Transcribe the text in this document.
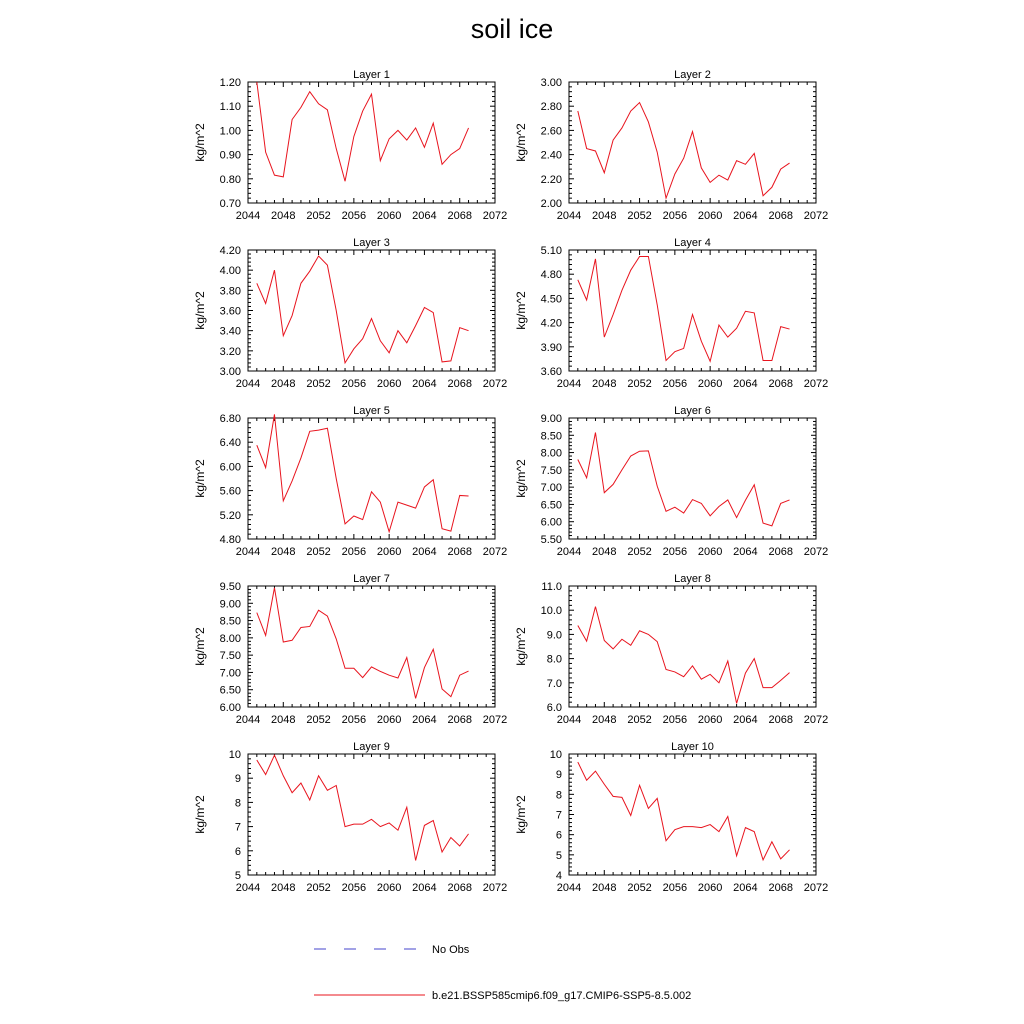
soil ice
Layer 1
2044 2048 2052 2056 2060 2064 2068 2072
0.70
0.80
0.90
1.00
1.10
1.20
kg/m^2
Layer 2
2044 2048 2052 2056 2060 2064 2068 2072
2.00
2.20
2.40
2.60
2.80
3.00
kg/m^2
Layer 3
2044 2048 2052 2056 2060 2064 2068 2072
3.00
3.20
3.40
3.60
3.80
4.00
4.20
kg/m^2
Layer 4
2044 2048 2052 2056 2060 2064 2068 2072
3.60
3.90
4.20
4.50
4.80
5.10
kg/m^2
Layer 5
2044 2048 2052 2056 2060 2064 2068 2072
4.80
5.20
5.60
6.00
6.40
6.80
kg/m^2
Layer 6
2044 2048 2052 2056 2060 2064 2068 2072
5.50
6.00
6.50
7.00
7.50
8.00
8.50
9.00
kg/m^2
Layer 7
2044 2048 2052 2056 2060 2064 2068 2072
6.00
6.50
7.00
7.50
8.00
8.50
9.00
9.50
kg/m^2
Layer 8
2044 2048 2052 2056 2060 2064 2068 2072
6.0
7.0
8.0
9.0
10.0
11.0
kg/m^2
Layer 9
2044 2048 2052 2056 2060 2064 2068 2072
5
6
7
8
9
10
kg/m^2
Layer 10
2044 2048 2052 2056 2060 2064 2068 2072
4
5
6
7
8
9
10
kg/m^2
No Obs
b.e21.BSSP585cmip6.f09_g17.CMIP6-SSP5-8.5.002
